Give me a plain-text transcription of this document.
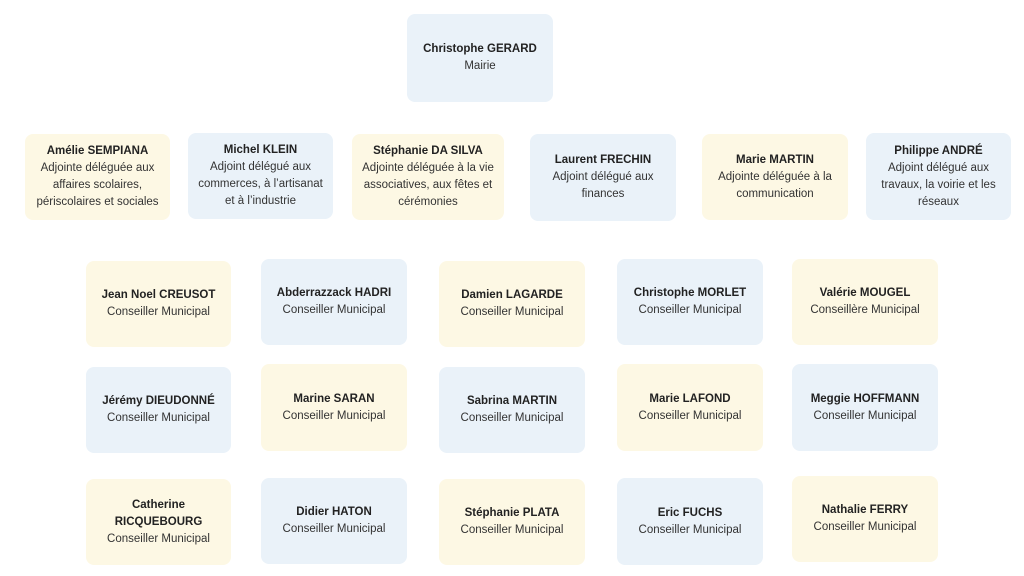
Christophe GERARD
Mairie
Amélie SEMPIANA
Adjointe déléguée aux affaires scolaires, périscolaires et sociales
Michel KLEIN
Adjoint délégué aux commerces, à l’artisanat et à l’industrie
Stéphanie DA SILVA
Adjointe déléguée à la vie associatives, aux fêtes et cérémonies
Laurent FRECHIN
Adjoint délégué aux finances
Marie MARTIN
Adjointe déléguée à la communication
Philippe ANDRÉ
Adjoint délégué aux travaux, la voirie et les réseaux
Jean Noel CREUSOT
Conseiller Municipal
Abderrazzack HADRI
Conseiller Municipal
Damien LAGARDE
Conseiller Municipal
Christophe MORLET
Conseiller Municipal
Valérie MOUGEL
Conseillère Municipal
Jérémy DIEUDONNÉ
Conseiller Municipal
Marine SARAN
Conseiller Municipal
Sabrina MARTIN
Conseiller Municipal
Marie LAFOND
Conseiller Municipal
Meggie HOFFMANN
Conseiller Municipal
Catherine RICQUEBOURG
Conseiller Municipal
Didier HATON
Conseiller Municipal
Stéphanie PLATA
Conseiller Municipal
Eric FUCHS
Conseiller Municipal
Nathalie FERRY
Conseiller Municipal
